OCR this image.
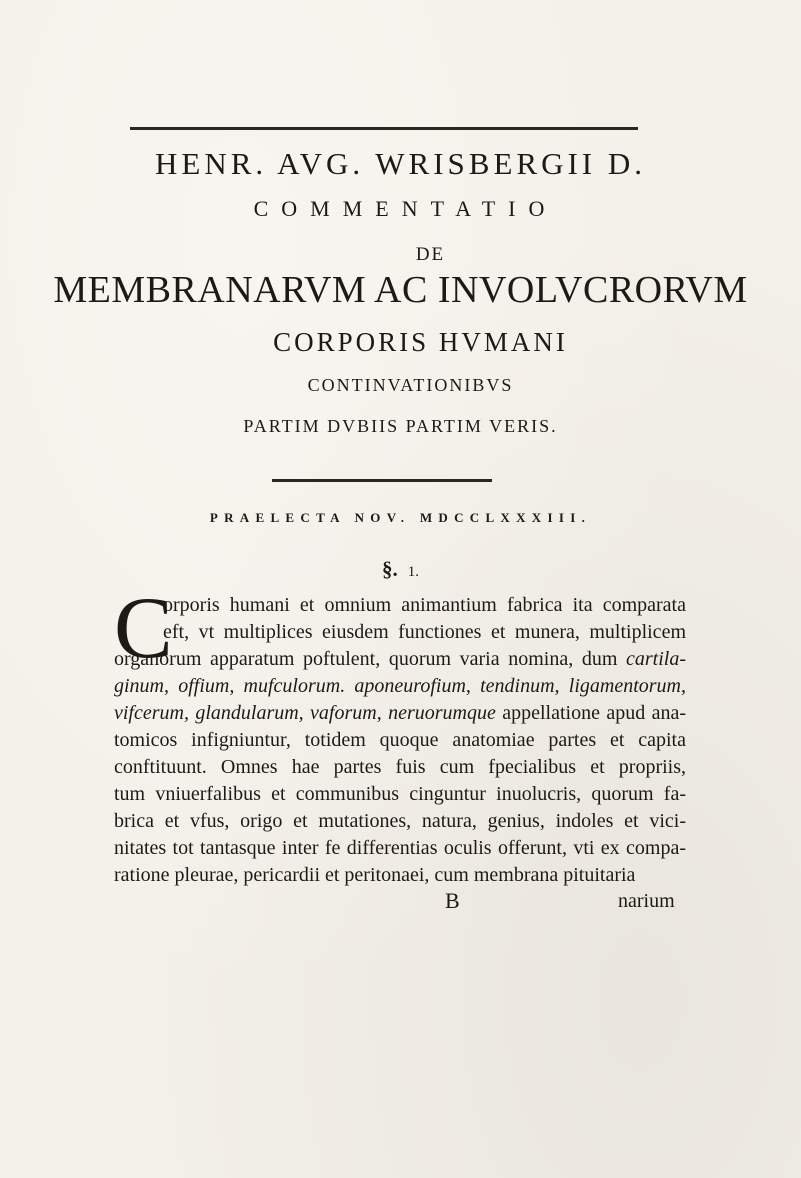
HENR. AVG. WRISBERGII D.
COMMENTATIO
DE
MEMBRANARVM AC INVOLVCRORVM
CORPORIS HVMANI
CONTINVATIONIBVS
PARTIM DVBIIS PARTIM VERIS.
PRAELECTA NOV. MDCCLXXXIII.
§. 1.
C
orporis humani et omnium animantium fabrica ita comparata
eft, vt multiplices eiusdem functiones et munera, multiplicem
organorum apparatum poftulent, quorum varia nomina, dum cartila-
ginum, offium, mufculorum. aponeurofium, tendinum, ligamentorum,
vifcerum, glandularum, vaforum, neruorumque appellatione apud ana-
tomicos infigniuntur, totidem quoque anatomiae partes et capita
conftituunt. Omnes hae partes fuis cum fpecialibus et propriis,
tum vniuerfalibus et communibus cinguntur inuolucris, quorum fa-
brica et vfus, origo et mutationes, natura, genius, indoles et vici-
nitates tot tantasque inter fe differentias oculis offerunt, vti ex compa-
ratione pleurae, pericardii et peritonaei, cum membrana pituitaria
B	narium
